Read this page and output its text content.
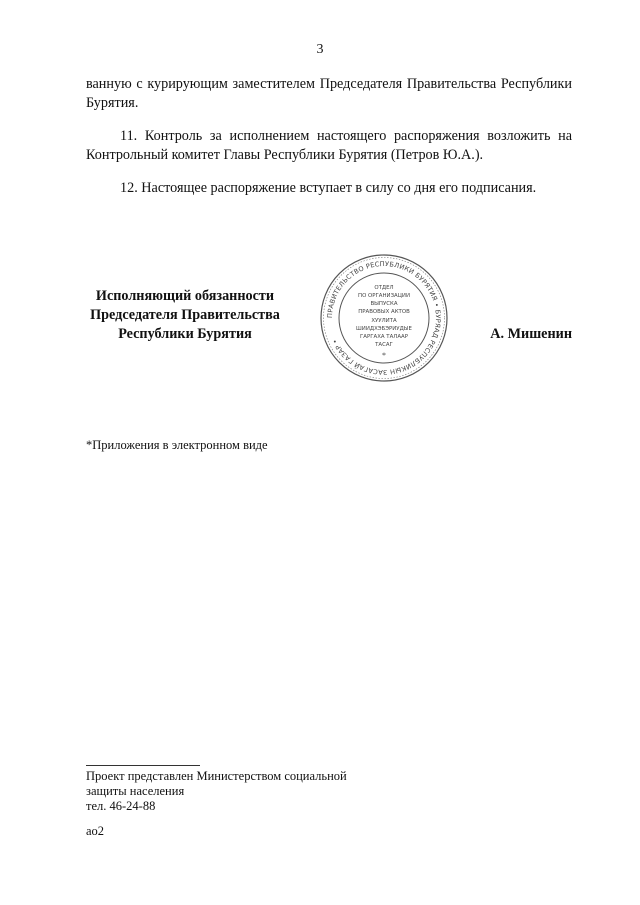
3

ванную с курирующим заместителем Председателя Правительства Республики Бурятия.

11. Контроль за исполнением настоящего распоряжения возложить на Контрольный комитет Главы Республики Бурятия (Петров Ю.А.).

12. Настоящее распоряжение вступает в силу со дня его подписания.

Исполняющий обязанности
Председателя Правительства
Республики Бурятия
ПРАВИТЕЛЬСТВО РЕСПУБЛИКИ БУРЯТИЯ • БУРЯАД РЕСПУБЛИКЫН ЗАСАГАЙ ГАЗАР •
ОТДЕЛ
ПО ОРГАНИЗАЦИИ
ВЫПУСКА
ПРАВОВЫХ АКТОВ
ХУУЛИТА
ШИИДХЭБЭРИУДЫЕ
ГАРГАХА ТАЛААР
ТАСАГ
*
А. Мишенин
*Приложения в электронном виде
Проект представлен Министерством социальной
защиты населения
тел. 46-24-88
ао2
